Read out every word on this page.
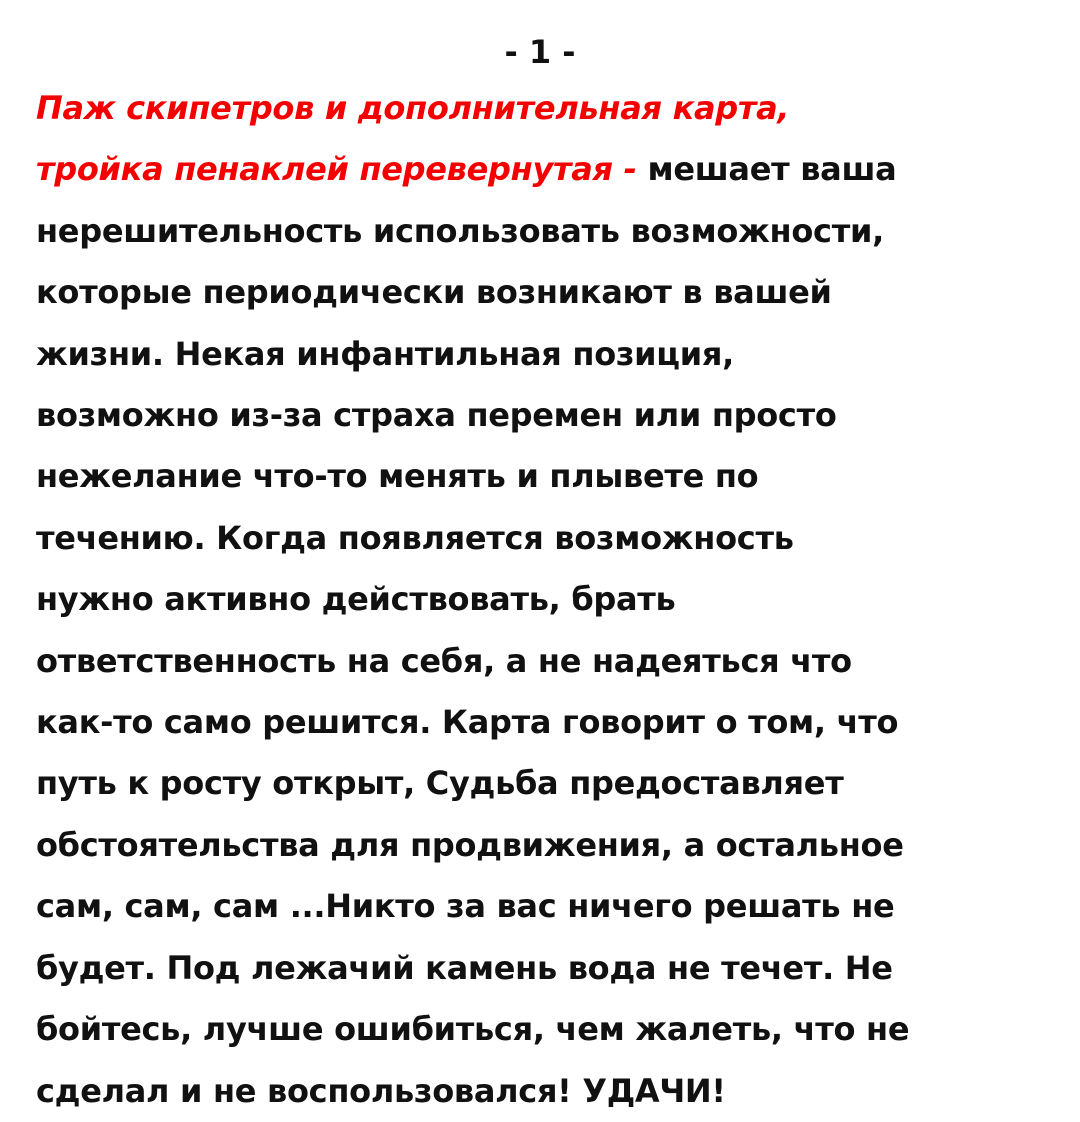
- 1 -
Паж скипетров и дополнительная карта,
тройка пенаклей перевернутая - мешает ваша
нерешительность использовать возможности,
которые периодически возникают в вашей
жизни. Некая инфантильная позиция,
возможно из-за страха перемен или просто
нежелание что-то менять и плывете по
течению. Когда появляется возможность
нужно активно действовать, брать
ответственность на себя, а не надеяться что
как-то само решится. Карта говорит о том, что
путь к росту открыт, Судьба предоставляет
обстоятельства для продвижения, а остальное
сам, сам, сам ...Никто за вас ничего решать не
будет. Под лежачий камень вода не течет. Не
бойтесь, лучше ошибиться, чем жалеть, что не
сделал и не воспользовался! УДАЧИ!
